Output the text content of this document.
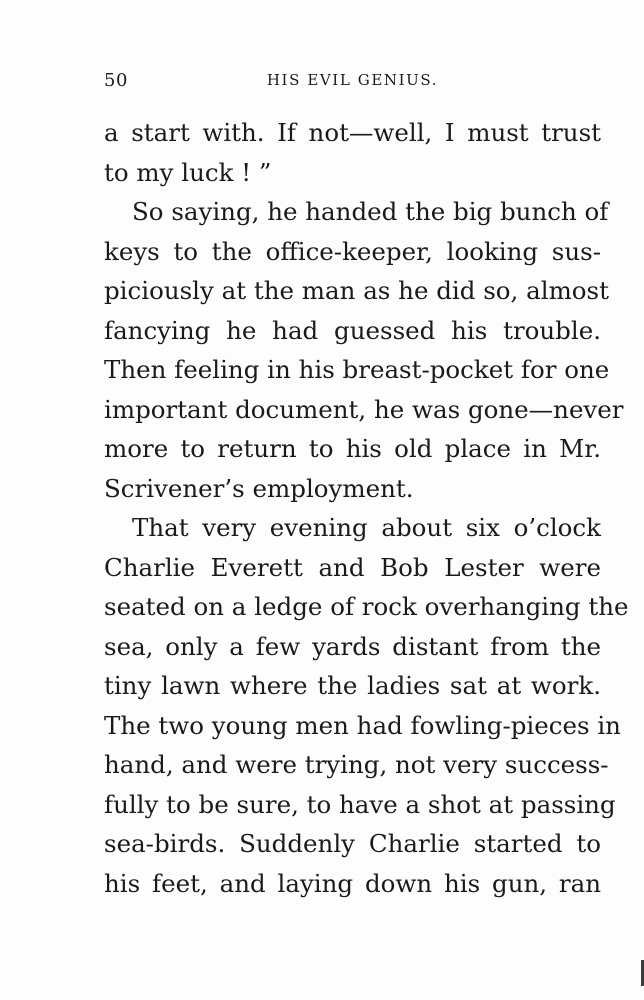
50	HIS EVIL GENIUS.
a start with. If not—well, I must trust
to my luck ! ”
So saying, he handed the big bunch of
keys to the office-keeper, looking sus-
piciously at the man as he did so, almost
fancying he had guessed his trouble.
Then feeling in his breast-pocket for one
important document, he was gone—never
more to return to his old place in Mr.
Scrivener’s employment.
That very evening about six o’clock
Charlie Everett and Bob Lester were
seated on a ledge of rock overhanging the
sea, only a few yards distant from the
tiny lawn where the ladies sat at work.
The two young men had fowling-pieces in
hand, and were trying, not very success-
fully to be sure, to have a shot at passing
sea-birds. Suddenly Charlie started to
his feet, and laying down his gun, ran
